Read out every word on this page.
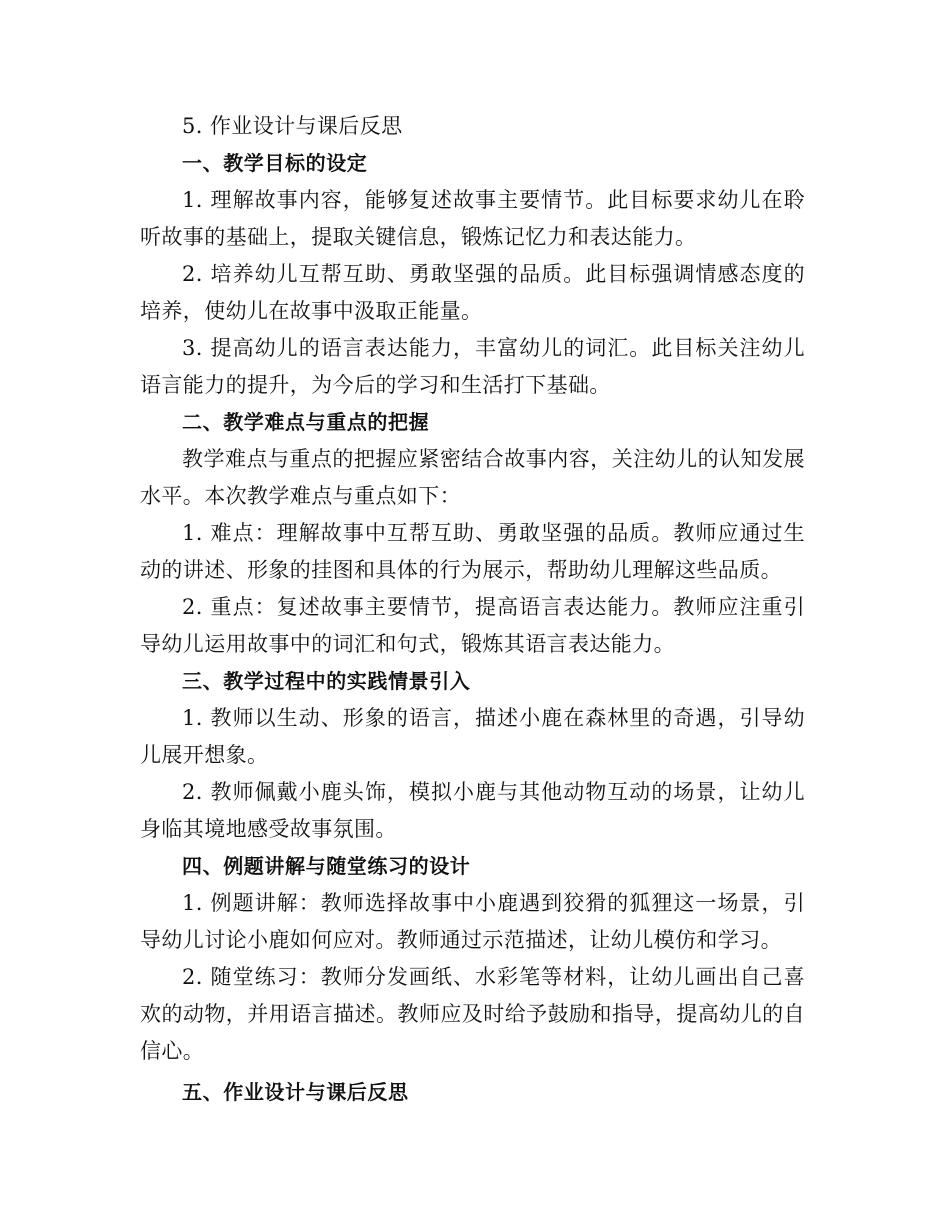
5. 作业设计与课后反思

一、教学目标的设定

1. 理解故事内容，能够复述故事主要情节。此目标要求幼儿在聆听故事的基础上，提取关键信息，锻炼记忆力和表达能力。

2. 培养幼儿互帮互助、勇敢坚强的品质。此目标强调情感态度的培养，使幼儿在故事中汲取正能量。

3. 提高幼儿的语言表达能力，丰富幼儿的词汇。此目标关注幼儿语言能力的提升，为今后的学习和生活打下基础。

二、教学难点与重点的把握

教学难点与重点的把握应紧密结合故事内容，关注幼儿的认知发展水平。本次教学难点与重点如下：

1. 难点：理解故事中互帮互助、勇敢坚强的品质。教师应通过生动的讲述、形象的挂图和具体的行为展示，帮助幼儿理解这些品质。

2. 重点：复述故事主要情节，提高语言表达能力。教师应注重引导幼儿运用故事中的词汇和句式，锻炼其语言表达能力。

三、教学过程中的实践情景引入

1. 教师以生动、形象的语言，描述小鹿在森林里的奇遇，引导幼儿展开想象。

2. 教师佩戴小鹿头饰，模拟小鹿与其他动物互动的场景，让幼儿身临其境地感受故事氛围。

四、例题讲解与随堂练习的设计

1. 例题讲解：教师选择故事中小鹿遇到狡猾的狐狸这一场景，引导幼儿讨论小鹿如何应对。教师通过示范描述，让幼儿模仿和学习。

2. 随堂练习：教师分发画纸、水彩笔等材料，让幼儿画出自己喜欢的动物，并用语言描述。教师应及时给予鼓励和指导，提高幼儿的自信心。

五、作业设计与课后反思
